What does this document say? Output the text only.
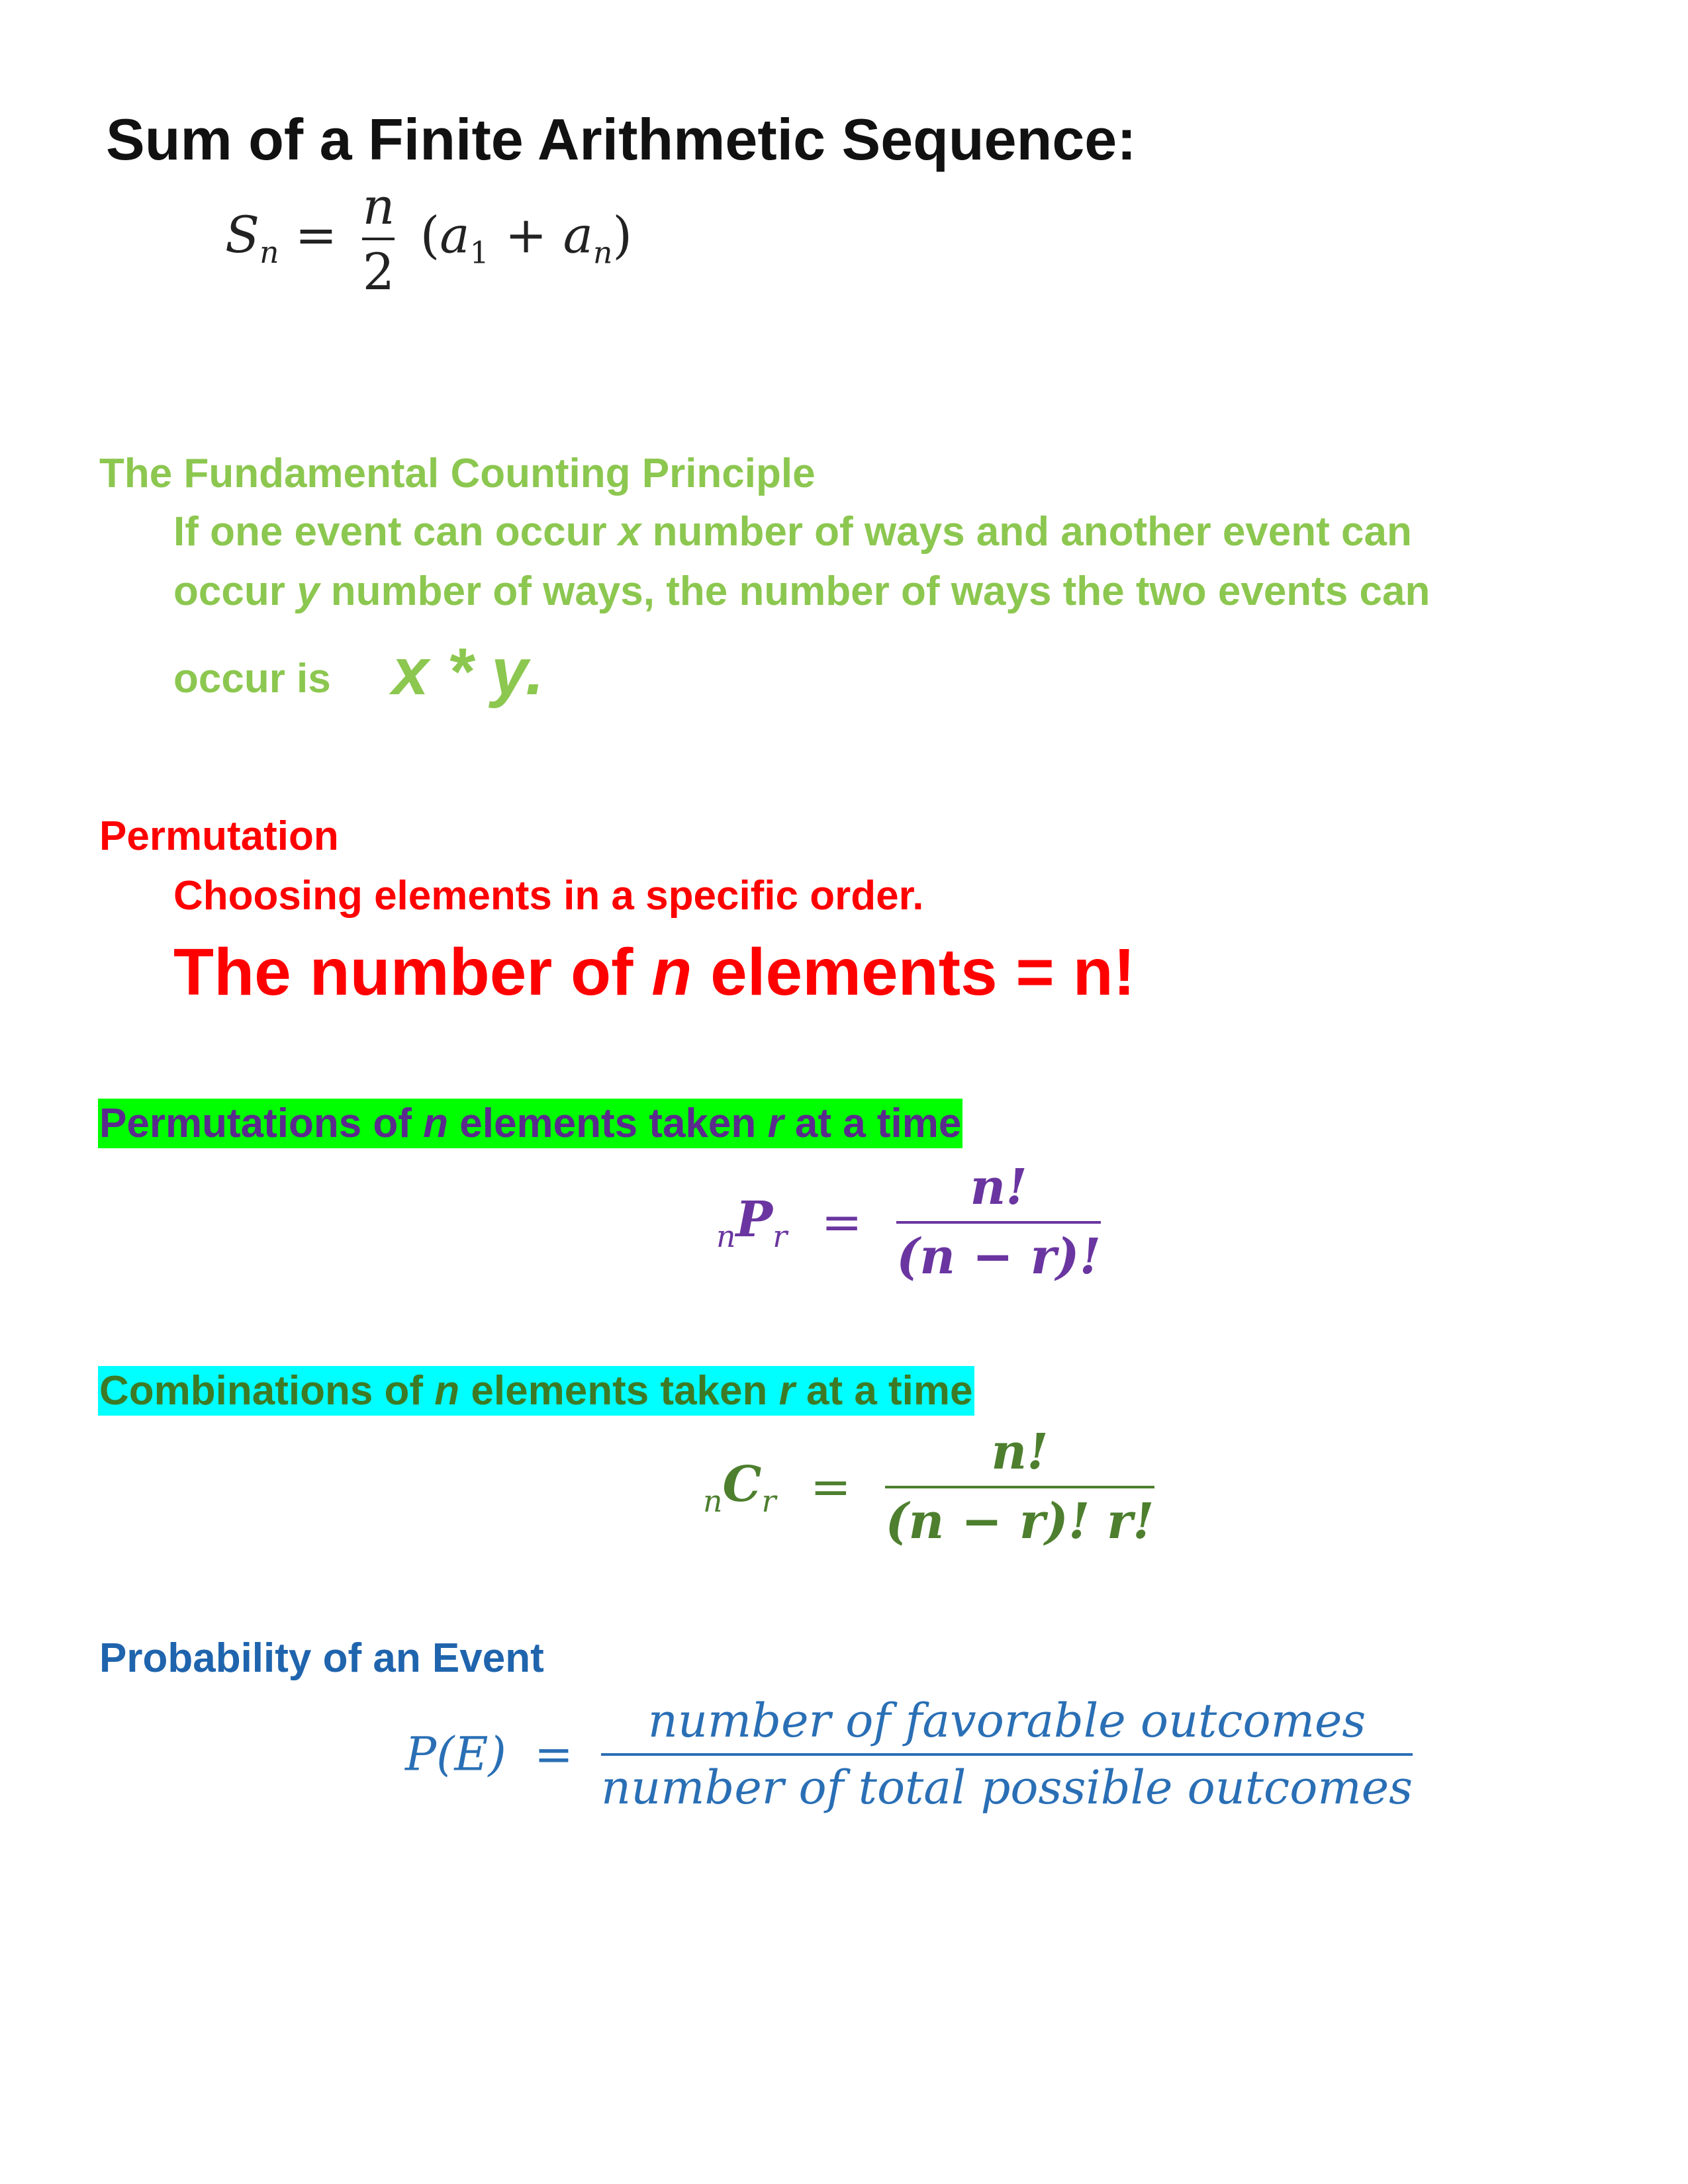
Sum of a Finite Arithmetic Sequence:
$S_n = \frac{n}{2} (a_1 + a_n)$
The Fundamental Counting Principle
If one event can occur x number of ways and another event can
occur y number of ways, the number of ways the two events can
occur is x * y.
Permutation
Choosing elements in a specific order.
The number of n elements = n!
Permutations of n elements taken r at a time
$_nP_r = \frac{n!}{(n - r)!}$
Combinations of n elements taken r at a time
$_nC_r = \frac{n!}{(n - r)! r!}$
Probability of an Event
$P(E) = \frac{\text{number of favorable outcomes}}{\text{number of total possible outcomes}}$
